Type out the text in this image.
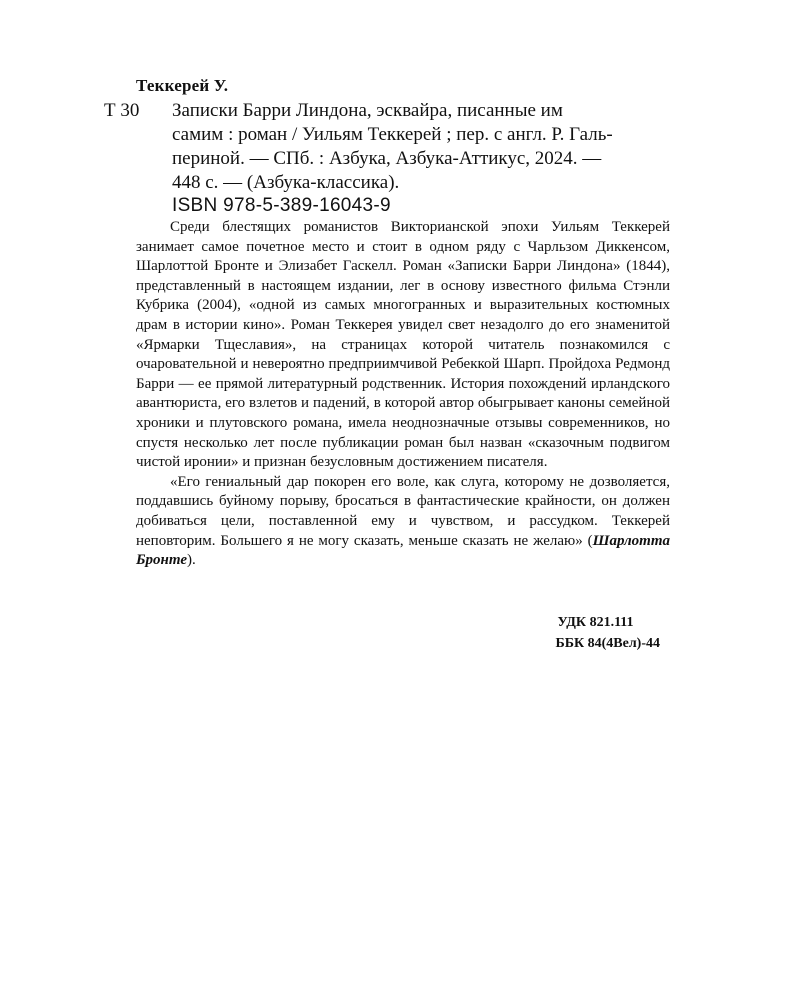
Теккерей У.
Т 30 Записки Барри Линдона, эсквайра, писанные им
самим : роман / Уильям Теккерей ; пер. с англ. Р. Галь-
периной. — СПб. : Азбука, Азбука-Аттикус, 2024. —
448 с. — (Азбука-классика).
ISBN 978-5-389-16043-9

Среди блестящих романистов Викторианской эпохи Уильям Теккерей занимает самое почетное место и стоит в одном ряду с Чарльзом Диккенсом, Шарлоттой Бронте и Элизабет Гаскелл. Роман «Записки Барри Линдона» (1844), представленный в настоящем издании, лег в основу известного фильма Стэнли Кубрика (2004), «одной из самых многогранных и выразительных костюмных драм в истории кино». Роман Теккерея увидел свет незадолго до его знаменитой «Ярмарки Тщеславия», на страницах которой читатель познакомился с очаровательной и невероятно предприимчивой Ребеккой Шарп. Пройдоха Редмонд Барри — ее прямой литературный родственник. История похождений ирландского авантюриста, его взлетов и падений, в которой автор обыгрывает каноны семейной хроники и плутовского романа, имела неоднозначные отзывы современников, но спустя несколько лет после публикации роман был назван «сказочным подвигом чистой иронии» и признан безусловным достижением писателя.

«Его гениальный дар покорен его воле, как слуга, которому не дозволяется, поддавшись буйному порыву, бросаться в фантастические крайности, он должен добиваться цели, поставленной ему и чувством, и рассудком. Теккерей неповторим. Большего я не могу сказать, меньше сказать не желаю» (Шарлотта Бронте).

УДК 821.111
ББК 84(4Вел)-44
